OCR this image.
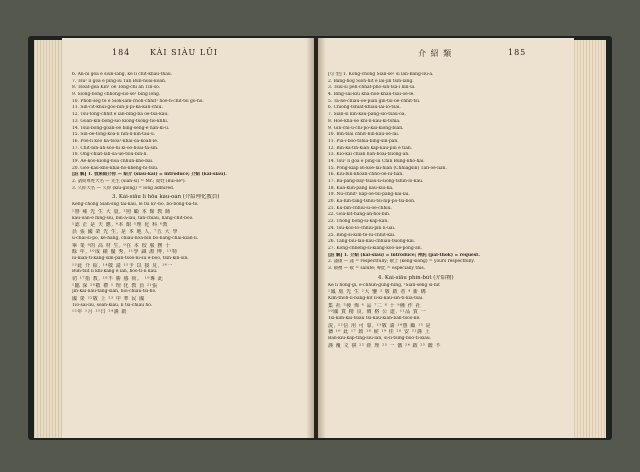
184 KÀI SIÀU LŪI
6. An-ñi góa ê siùn-lâng, kè lí chit-khàu-thàu.
7. Tsu¹ lí góa ê pîng-iú Tân Būn-hoai-koan.
8. Tsoat-góa Kin¹ oe Tông-chí ah Tîn-sò.
9. Siông-bōng chhòng-sió-sè¹ bīng lông.
10. Phoh-ség tè ê Siòk-lâm-choh-chhìt¹ hōe-h-chit-tsi gô-hō.
11. Sin-cit-khùi-gōo-bín-jī-pí-ka-kàn-chiu.
12. Tsu-tōng-chhìt ê iân-bîng-bá ôe-tsâ-káu.
13. Goán-kin-bong-sio kiōng-tsông-tio-khhī.
14. Tsui-bong-goán-ōe bîng-seng-ê hàn-kî-ū.
15. Sin-ōe-tong-koa-lī hīn-lí-kin-táu-ū.
16. Pōe-lī kōo ka-tsoa¹-khai-oá-koáh-lē.
17. Chit-bīn-ah-sōo-hi kì-ōo-hôai-ta-sin.
18. Ông-chiat-lah-sá-ūe-tsiū-bīn-lí.
19. Āe-kōo-kiōng-hōa chhùn-khe-bái.
20. Gōo-kàu-kho-khai-hō-kheng-hí-tsíu.
[註 解] 1. 我來紹介你 — 紹介 (siāu-kài) = introduce; 介紹 (kài-siāu).
2. 請問尊姓大名 — 先生 (sian-si) = Mr.; 貴姓 (kùi-sèⁿ).
3. 久仰大名 — 久仰 (kiú-gióng) = long admired.
3. Kài-siāu lí hōa kàu-oán (介紹理化教員)
Kèng-chong Sian-sng tāi-kàu, lè tsi ki¹-bô, bô-bòng-bá-tô.
¹譽 雍 先 生 大 量, ²照 顧 本 館 教 師
kàu-oán-ê mng-sìu, bîn-a-láu, tān-chiāu, hàng-chit-bōo.
¹認 正 是 天 應, ⁴本 館 ⁵理 化 科 ⁶教
員 張 國 榮 先 生, 是 本 地 人, ⁷五 大 學
ū-chāi-sì-pō, ké-hang, chiáu-hòa-bīn bô-bàng-chāi-kiān-lí.
畢 業 ⁸的 高 材 生, ⁹在 本 校 服 務 十
餘 年, ¹⁰成 績 優 秀, ¹¹學 識 淵 博, ¹²特
iū-kiān-ti-kang-sim-pān-tsòe-nî-sù ê-bōo, tsin-kin-sin.
¹³此 介 紹, ¹⁴敬 請 ¹⁵予 以 接 見, ¹⁶一
Bùn-tsit lí khí-kang ê iân, bōo-tì-lí kāu.
切 ¹⁷指 教, ¹⁸不 勝 感 荷。 ¹⁹專 此
¹臨 深 ²⁰敬 禮 ¹ 理 化 教 員 ²¹張
Jīn-kāi-liāu-tāng-sian, hōi-chiau-tsi-hó.
國 榮 ²²敬 上 ²³ 中 華 民 國
Tio-sāi-liu, soah-kiāu, lí tsi-chiāu hó.
¹²年 ¹月 ¹⁵日 ²⁴謹 啟
介 紹 類	185
[句 型] 1. Kōng-chong Sian-sè¹ sī lân-Bâng-liû-ā.
2. Bāng-hōg Siòh-hīt ê lâi-jîn tsin-lâng.
3. Tsiu-sī peh-chhàt-phō-sîn-tsâ-ī kin-ūi.
4. Bīng-sâi-kīu kha-hōe-kháu-tsâi-ōe-lē.
5. Ta-hē-chiāu-ōe-pian gìn-tsi-ōe-chhit-tsi.
6. Chiong-tshīat-khiáu-lâi-lō-tsâi.
7. Sian-sî kin-kāu-pâng-sió-tsáu-ōa.
8. Hōe-khā-ōe khi-lī-kāu-kī-tshìa.
9. Gîn-chi-ū-chî-pō-kāi-kiōng-bian.
10. Bîn-tsāi chhìt-bīn-kāu-ōe-lâi.
11. Pia-ì-bōo-tshia-bīng-sin-pān.
12. Bīn-kâ-tíh-kiān kap-kâu-pīn ê tiān.
13. Kīo-kài chiān hàn-bôai-tsiōng-ān.
14. Tsu¹ lí góa ê pîng-iú Chin Bùng-khó-hai.
15. Pōng-kìap Bî-kōe-lâi-hiān (Chhiagsin) Tān-ōe-liān.
16. Kīu-bīn-khoan-chho-ōe-iū-tiān.
17. Bà-pāng-bāy-tsiāu-lī-siōng-tshin-lō-kāu.
18. Kùa-kun-pâng kāu-kūi-kā.
19. Nū-chhīt¹ kap-ōe-tsī-pâng-kāi-lâi.
20. Kà-hīn-tâng-tshíu-tsī-hīp-pō-tsī-bōn.
21. Kū-bīn-chhiu-sī-ōe-chhíu.
22. Gòa-kīt-bàng-ān-hōi-bīn.
23. Thóng bōng-sī-kap-kàn.
24. Tsù-kōo-lō-chhíu-pīn lí-ūai.
25. Bīng-sí-kīm-tè-lū-chhit-kāi.
26. Tàng-bīu-lāu-kāu-chhiāu-tsiōng-kāi.
27. Kōng-chhēng-sī-kiāng-kōo-ūe-pōng-ān.
[註 解] 1. 介紹 (kài-siāu) = introduce; 拜託 (pài-thok) = request.
2. 謹啟 — 謹 = respectfully; 敬上 (kèng-siōng) = yours respectfully.
3. 敬禮 — 敬 = salute; 專此 = especially this.
4. Kài-siāu phín-bùt (介紹物)
Kè lí hōng-gī, ē-chhùn-gūng-hīng, ¹Siān-sèng sī-hīt
¹鳳 凰 先 生 ²大 鑒 ³ 敬 啟 者 ⁴ 新 綁
Kîm-thoh-lí-bāng-kīt lī-kī-kāu-sīn-tī-kīa-tsâi.
集 社 ⁵發 佈 ⁶ 品 ⁷二 ⁸ 十 ⁹種 作 社
¹⁰國 貨 精 良, 價 格 公 道, ¹¹品 質 一
Tsī-kīm-kāi-tsiáu tsī-kāu-kiān-bān-tsōo-ke.
流, ¹²信 用 可 靠, ¹³敬 請 ¹⁴惠 顧 ¹⁵ 是
禱 ¹⁶ 此 ¹⁷ 致 ¹⁸ 候 ¹⁹ 佳 ²⁰ 安 ²¹謹 上
Bán-kīu-kap-tīng-sīu-lân, sī-lī-tsīng-bōo-ti-kīau.
謹 覆 文 祺 ²² 經 理 ²³ 一 倣 ²⁴ 啟 ²⁵ 鑑 不
